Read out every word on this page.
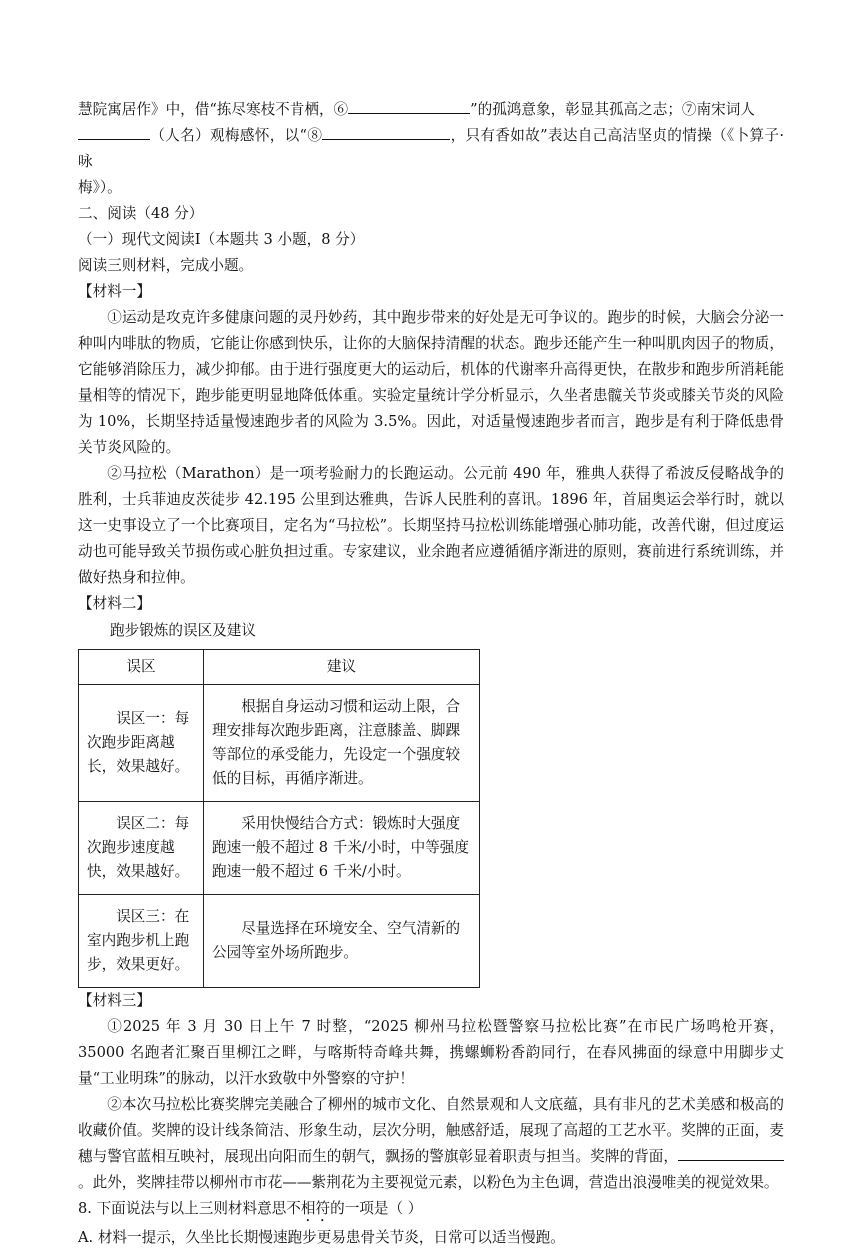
慧院寓居作》中，借“拣尽寒枝不肯栖，⑥	”的孤鸿意象，彰显其孤高之志；⑦南宋词人
（人名）观梅感怀，以“⑧	，只有香如故”表达自己高洁坚贞的情操（《卜算子·咏
梅》）。

二、阅读（48 分）

（一）现代文阅读Ⅰ（本题共 3 小题，8 分）

阅读三则材料，完成小题。

【材料一】

①运动是攻克许多健康问题的灵丹妙药，其中跑步带来的好处是无可争议的。跑步的时候，大脑会分泌一种叫内啡肽的物质，它能让你感到快乐，让你的大脑保持清醒的状态。跑步还能产生一种叫肌肉因子的物质，它能够消除压力，减少抑郁。由于进行强度更大的运动后，机体的代谢率升高得更快，在散步和跑步所消耗能量相等的情况下，跑步能更明显地降低体重。实验定量统计学分析显示，久坐者患髋关节炎或膝关节炎的风险为 10%，长期坚持适量慢速跑步者的风险为 3.5%。因此，对适量慢速跑步者而言，跑步是有利于降低患骨关节炎风险的。

②马拉松（Marathon）是一项考验耐力的长跑运动。公元前 490 年，雅典人获得了希波反侵略战争的胜利，士兵菲迪皮茨徒步 42.195 公里到达雅典，告诉人民胜利的喜讯。1896 年，首届奥运会举行时，就以这一史事设立了一个比赛项目，定名为“马拉松”。长期坚持马拉松训练能增强心肺功能，改善代谢，但过度运动也可能导致关节损伤或心脏负担过重。专家建议，业余跑者应遵循循序渐进的原则，赛前进行系统训练，并做好热身和拉伸。

【材料二】

跑步锻炼的误区及建议

误区	建议
误区一：每次跑步距离越长，效果越好。	根据自身运动习惯和运动上限，合理安排每次跑步距离，注意膝盖、脚踝等部位的承受能力，先设定一个强度较低的目标，再循序渐进。
误区二：每次跑步速度越快，效果越好。	采用快慢结合方式：锻炼时大强度跑速一般不超过 8 千米/小时，中等强度跑速一般不超过 6 千米/小时。
误区三：在室内跑步机上跑步，效果更好。	尽量选择在环境安全、空气清新的公园等室外场所跑步。

【材料三】

①2025 年 3 月 30 日上午 7 时整，“2025 柳州马拉松暨警察马拉松比赛”在市民广场鸣枪开赛，35000 名跑者汇聚百里柳江之畔，与喀斯特奇峰共舞，携螺蛳粉香韵同行，在春风拂面的绿意中用脚步丈量“工业明珠”的脉动，以汗水致敬中外警察的守护！

②本次马拉松比赛奖牌完美融合了柳州的城市文化、自然景观和人文底蕴，具有非凡的艺术美感和极高的收藏价值。奖牌的设计线条简洁、形象生动，层次分明，触感舒适，展现了高超的工艺水平。奖牌的正面，麦穗与警官蓝相互映衬，展现出向阳而生的朝气，飘扬的警旗彰显着职责与担当。奖牌的背面，。此外，奖牌挂带以柳州市市花——紫荆花为主要视觉元素，以粉色为主色调，营造出浪漫唯美的视觉效果。

8. 下面说法与以上三则材料意思不相符的一项是（ ）

A. 材料一提示，久坐比长期慢速跑步更易患骨关节炎，日常可以适当慢跑。
